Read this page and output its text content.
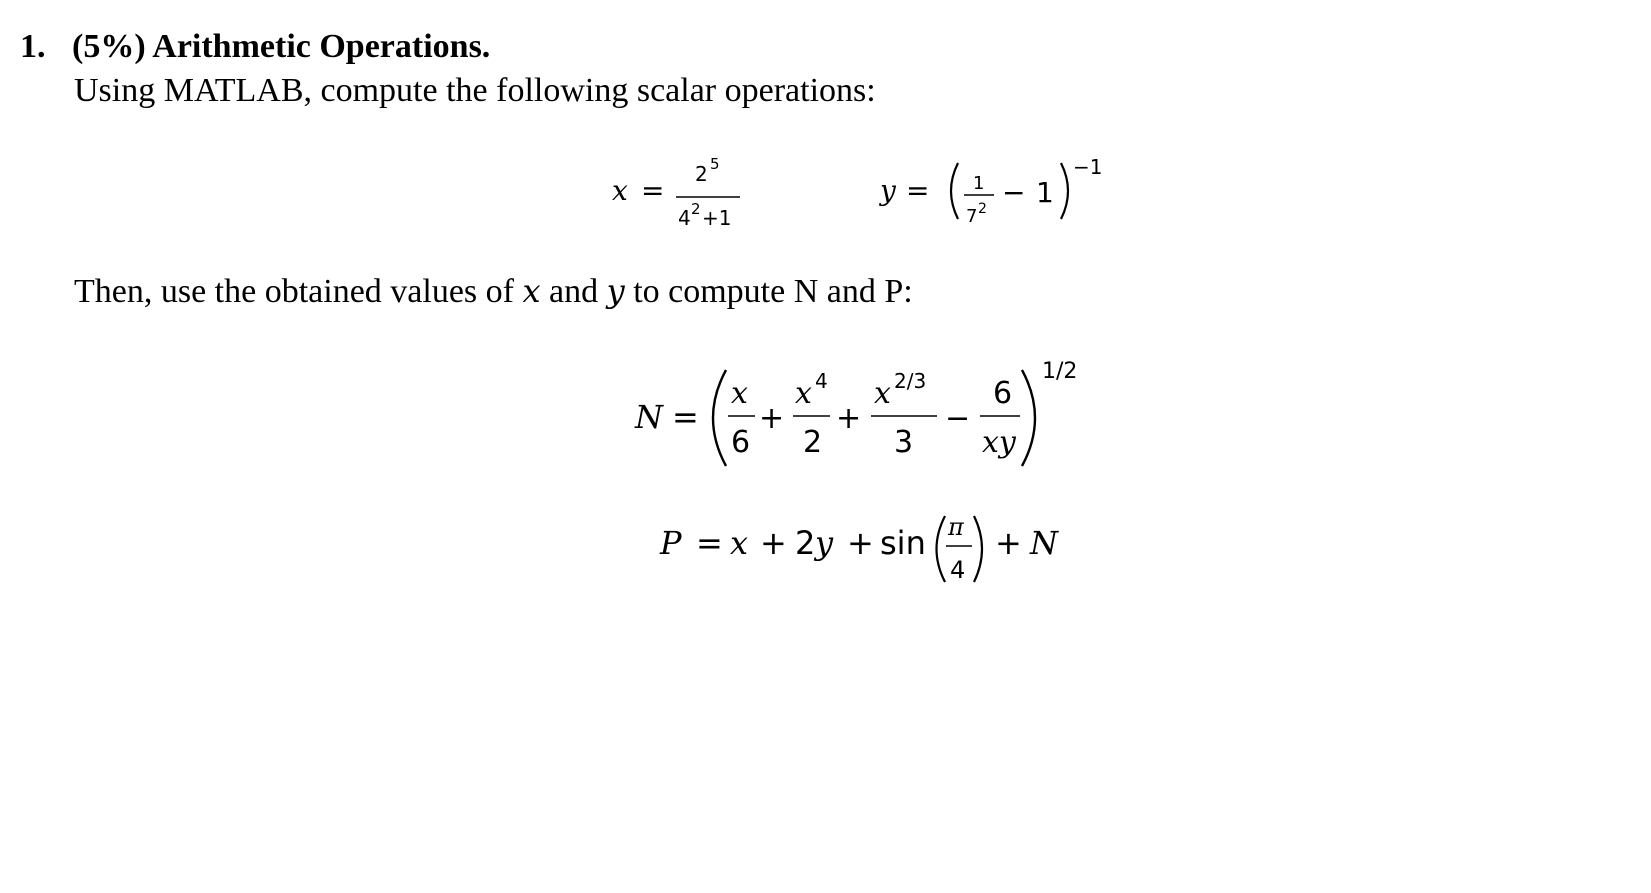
1. (5%) Arithmetic Operations.
Using MATLAB, compute the following scalar operations:
x = 2 5
4 2 +1
y = 1
7 2 − 1
−1
Then, use the obtained values of x and y to compute N and P:
N =
x
6
+
x 4
2
+
x 2/3
3
−
6
xy
1/2
P = x + 2 y + sin π
4
+ N
